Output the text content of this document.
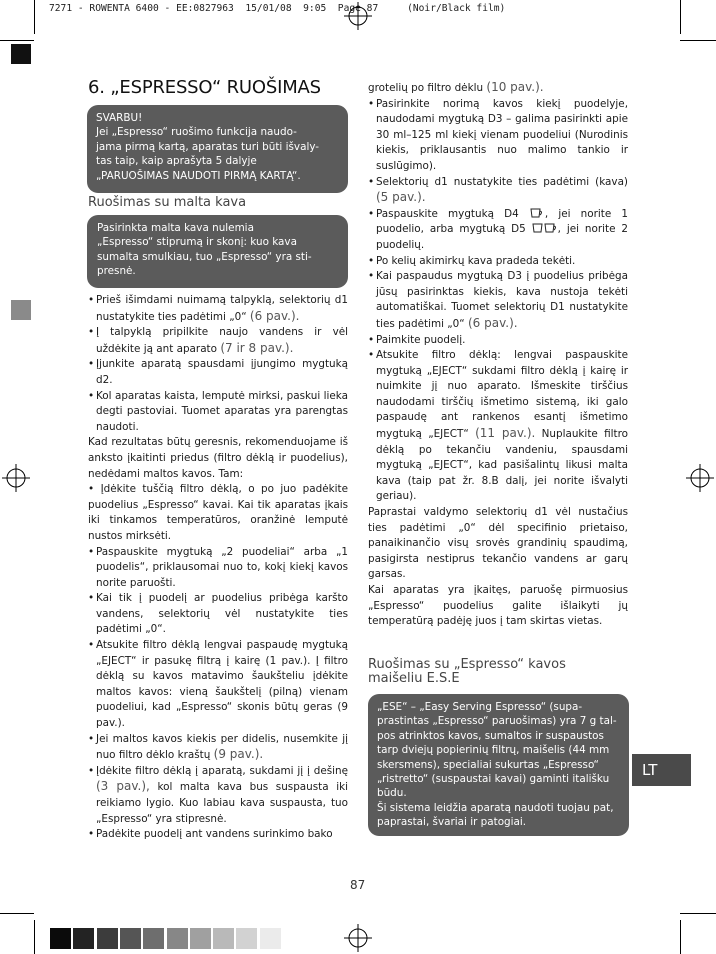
7271 - ROWENTA 6400 - EE:0827963  15/01/08  9:05  Page 87     (Noir/Black film)
6. „ESPRESSO“ RUOŠIMAS

SVARBU!
Jei „Espresso“ ruošimo funkcija naudo-
jama pirmą kartą, aparatas turi būti išvaly-
tas taip, kaip aprašyta 5 dalyje
„PARUOŠIMAS NAUDOTI PIRMĄ KARTĄ“.

Ruošimas su malta kava

Pasirinkta malta kava nulemia
„Espresso“ stiprumą ir skonį: kuo kava
sumalta smulkiau, tuo „Espresso“ yra sti-
presnė.

• Prieš išimdami nuimamą talpyklą, selektorių d1 nustatykite ties padėtimi „0“ (6 pav.).

• Į talpyklą pripilkite naujo vandens ir vėl uždėkite ją ant aparato (7 ir 8 pav.).

• Įjunkite aparatą spausdami įjungimo mygtuką d2.

• Kol aparatas kaista, lemputė mirksi, paskui lieka degti pastoviai. Tuomet aparatas yra parengtas naudoti.

Kad rezultatas būtų geresnis, rekomenduojame iš anksto įkaitinti priedus (filtro dėklą ir puodelius), nedėdami maltos kavos. Tam:

• Įdėkite tuščią filtro dėklą, o po juo padėkite puodelius „Espresso“ kavai. Kai tik aparatas įkais iki tinkamos temperatūros, oranžinė lemputė nustos mirksėti.

• Paspauskite mygtuką „2 puodeliai“ arba „1 puodelis“, priklausomai nuo to, kokį kiekį kavos norite paruošti.

• Kai tik į puodelį ar puodelius pribėga karšto vandens, selektorių vėl nustatykite ties padėtimi „0“.

• Atsukite filtro dėklą lengvai paspaudę mygtuką „EJECT“ ir pasukę filtrą į kairę (1 pav.). Į filtro dėklą su kavos matavimo šaukšteliu įdėkite maltos kavos: vieną šaukštelį (pilną) vienam puodeliui, kad „Espresso“ skonis būtų geras (9 pav.).

• Jei maltos kavos kiekis per didelis, nusemkite jį nuo filtro dėklo kraštų (9 pav.).

• Įdėkite filtro dėklą į aparatą, sukdami jį į dešinę (3 pav.), kol malta kava bus suspausta iki reikiamo lygio. Kuo labiau kava suspausta, tuo „Espresso“ yra stipresnė.

• Padėkite puodelį ant vandens surinkimo bako

grotelių po filtro dėklu (10 pav.).

• Pasirinkite norimą kavos kiekį puodelyje, naudodami mygtuką D3 – galima pasirinkti apie 30 ml–125 ml kiekį vienam puodeliui (Nurodinis kiekis, priklausantis nuo malimo tankio ir suslūgimo).

• Selektorių d1 nustatykite ties padėtimi (kava) (5 pav.).

• Paspauskite mygtuką D4	, jei norite 1 puodelio, arba mygtuką D5	, jei norite 2 puodelių.

• Po kelių akimirkų kava pradeda tekėti.

• Kai paspaudus mygtuką D3 į puodelius pribėga jūsų pasirinktas kiekis, kava nustoja tekėti automatiškai. Tuomet selektorių D1 nustatykite ties padėtimi „0“ (6 pav.).

• Paimkite puodelį.

• Atsukite filtro dėklą: lengvai paspauskite mygtuką „EJECT“ sukdami filtro dėklą į kairę ir nuimkite jį nuo aparato. Išmeskite tirščius naudodami tirščių išmetimo sistemą, iki galo paspaudę ant rankenos esantį išmetimo mygtuką „EJECT“ (11 pav.). Nuplaukite filtro dėklą po tekančiu vandeniu, spausdami mygtuką „EJECT“, kad pasišalintų likusi malta kava (taip pat žr. 8.B dalį, jei norite išvalyti geriau).

Paprastai valdymo selektorių d1 vėl nustačius ties padėtimi „0“ dėl specifinio prietaiso, panaikinančio visų srovės grandinių spaudimą, pasigirsta nestiprus tekančio vandens ar garų garsas.

Kai aparatas yra įkaitęs, paruošę pirmuosius „Espresso“ puodelius galite išlaikyti jų temperatūrą padėję juos į tam skirtas vietas.

Ruošimas su „Espresso“ kavos
maišeliu E.S.E

„ESE“ – „Easy Serving Espresso“ (supa-
prastintas „Espresso“ paruošimas) yra 7 g tal-
pos atrinktos kavos, sumaltos ir suspaustos
tarp dviejų popierinių filtrų, maišelis (44 mm
skersmens), specialiai sukurtas „Espresso“
„ristretto“ (suspaustai kavai) gaminti itališku
būdu.
Ši sistema leidžia aparatą naudoti tuojau pat,
paprastai, švariai ir patogiai.

LT
87
